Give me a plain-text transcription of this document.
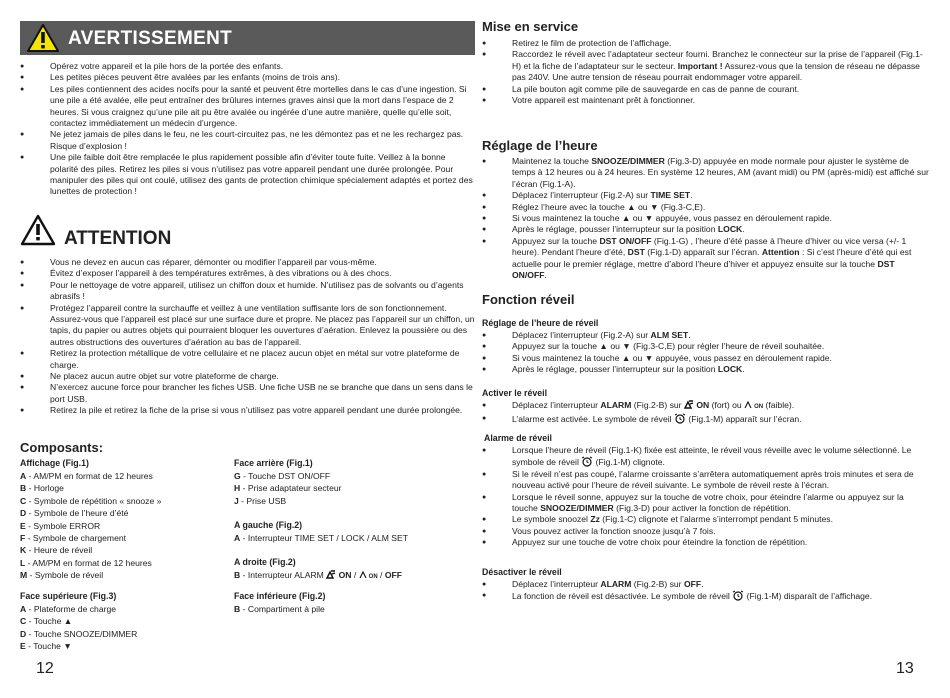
AVERTISSEMENT
● Opérez votre appareil et la pile hors de la portée des enfants.
● Les petites pièces peuvent être avalées par les enfants (moins de trois ans).
● Les piles contiennent des acides nocifs pour la santé et peuvent être mortelles dans le cas d’une ingestion. Si une pile a été avalée, elle peut entraîner des brûlures internes graves ainsi que la mort dans l’espace de 2 heures. Si vous craignez qu’une pile ait pu être avalée ou ingérée d’une autre manière, quelle qu’elle soit, contactez immédiatement un médecin d’urgence.
● Ne jetez jamais de piles dans le feu, ne les court-circuitez pas, ne les démontez pas et ne les rechargez pas. Risque d’explosion !
● Une pile faible doit être remplacée le plus rapidement possible afin d’éviter toute fuite. Veillez à la bonne polarité des piles. Retirez les piles si vous n’utilisez pas votre appareil pendant une durée prolongée. Pour manipuler des piles qui ont coulé, utilisez des gants de protection chimique spécialement adaptés et portez des lunettes de protection !
ATTENTION
● Vous ne devez en aucun cas réparer, démonter ou modifier l’appareil par vous-même.
● Évitez d’exposer l’appareil à des températures extrêmes, à des vibrations ou à des chocs.
● Pour le nettoyage de votre appareil, utilisez un chiffon doux et humide. N’utilisez pas de solvants ou d’agents abrasifs !
● Protégez l’appareil contre la surchauffe et veillez à une ventilation suffisante lors de son fonctionnement. Assurez-vous que l’appareil est placé sur une surface dure et propre. Ne placez pas l’appareil sur un chiffon, un tapis, du papier ou autres objets qui pourraient bloquer les ouvertures d’aération. Enlevez la poussière ou des autres obstructions des ouvertures d’aération au bas de l’appareil.
● Retirez la protection métallique de votre cellulaire et ne placez aucun objet en métal sur votre plateforme de charge.
● Ne placez aucun autre objet sur votre plateforme de charge.
● N’exercez aucune force pour brancher les fiches USB. Une fiche USB ne se branche que dans un sens dans le port USB.
● Retirez la pile et retirez la fiche de la prise si vous n’utilisez pas votre appareil pendant une durée prolongée.
Composants:
Affichage (Fig.1)
A - AM/PM en format de 12 heures
B - Horloge
C - Symbole de répétition « snooze »
D - Symbole de l’heure d’été
E - Symbole ERROR
F - Symbole de chargement
K - Heure de réveil
L - AM/PM en format de 12 heures
M - Symbole de réveil
Face supérieure (Fig.3)
A - Plateforme de charge
C - Touche ▲
D - Touche SNOOZE/DIMMER
E - Touche ▼
Face arrière (Fig.1)
G - Touche DST ON/OFF
H - Prise adaptateur secteur
J - Prise USB
A gauche (Fig.2)
A - Interrupteur TIME SET / LOCK / ALM SET
A droite (Fig.2)
B - Interrupteur ALARM ON / ON / OFF
Face inférieure (Fig.2)
B - Compartiment à pile
12
Mise en service
● Retirez le film de protection de l’affichage.
● Raccordez le réveil avec l’adaptateur secteur fourni. Branchez le connecteur sur la prise de l’appareil (Fig.1-H) et la fiche de l’adaptateur sur le secteur. Important ! Assurez-vous que la tension de réseau ne dépasse pas 240V. Une autre tension de réseau pourrait endommager votre appareil.
● La pile bouton agit comme pile de sauvegarde en cas de panne de courant.
● Votre appareil est maintenant prêt à fonctionner.
Réglage de l’heure
● Maintenez la touche SNOOZE/DIMMER (Fig.3-D) appuyée en mode normale pour ajuster le système de temps à 12 heures ou à 24 heures. En système 12 heures, AM (avant midi) ou PM (après-midi) est affiché sur l’écran (Fig.1-A).
● Déplacez l’interrupteur (Fig.2-A) sur TIME SET.
● Réglez l’heure avec la touche ▲ ou ▼ (Fig.3-C,E).
● Si vous maintenez la touche ▲ ou ▼ appuyée, vous passez en déroulement rapide.
● Après le réglage, pousser l’interrupteur sur la position LOCK.
● Appuyez sur la touche DST ON/OFF (Fig.1-G) , l’heure d’été passe à l’heure d’hiver ou vice versa (+/- 1 heure). Pendant l’heure d’été, DST (Fig.1-D) apparaît sur l’écran. Attention : Si c’est l’heure d’été qui est actuelle pour le premier réglage, mettre d’abord l’heure d’hiver et appuyez ensuite sur la touche DST ON/OFF.
Fonction réveil
Réglage de l’heure de réveil
● Déplacez l’interrupteur (Fig.2-A) sur ALM SET.
● Appuyez sur la touche ▲ ou ▼ (Fig.3-C,E) pour régler l’heure de réveil souhaitée.
● Si vous maintenez la touche ▲ ou ▼ appuyée, vous passez en déroulement rapide.
● Après le réglage, pousser l’interrupteur sur la position LOCK.
Activer le réveil
● Déplacez l’interrupteur ALARM (Fig.2-B) sur ON (fort) ou ON (faible).
● L’alarme est activée. Le symbole de réveil (Fig.1-M) apparaît sur l’écran.
Alarme de réveil
● Lorsque l’heure de réveil (Fig.1-K) fixée est atteinte, le réveil vous réveille avec le volume sélectionné. Le symbole de réveil (Fig.1-M) clignote.
● Si le réveil n’est pas coupé, l’alarme croissante s’arrêtera automatiquement après trois minutes et sera de nouveau activé pour l’heure de réveil suivante. Le symbole de réveil reste à l’écran.
● Lorsque le réveil sonne, appuyez sur la touche de votre choix, pour éteindre l’alarme ou appuyez sur la touche SNOOZE/DIMMER (Fig.3-D) pour activer la fonction de répétition.
● Le symbole snoozel Zz (Fig.1-C) clignote et l’alarme s’interrompt pendant 5 minutes.
● Vous pouvez activer la fonction snooze jusqu’à 7 fois.
● Appuyez sur une touche de votre choix pour éteindre la fonction de répétition.
Désactiver le réveil
● Déplacez l’interrupteur ALARM (Fig.2-B) sur OFF.
● La fonction de réveil est désactivée. Le symbole de réveil (Fig.1-M) disparaît de l’affichage.
13
